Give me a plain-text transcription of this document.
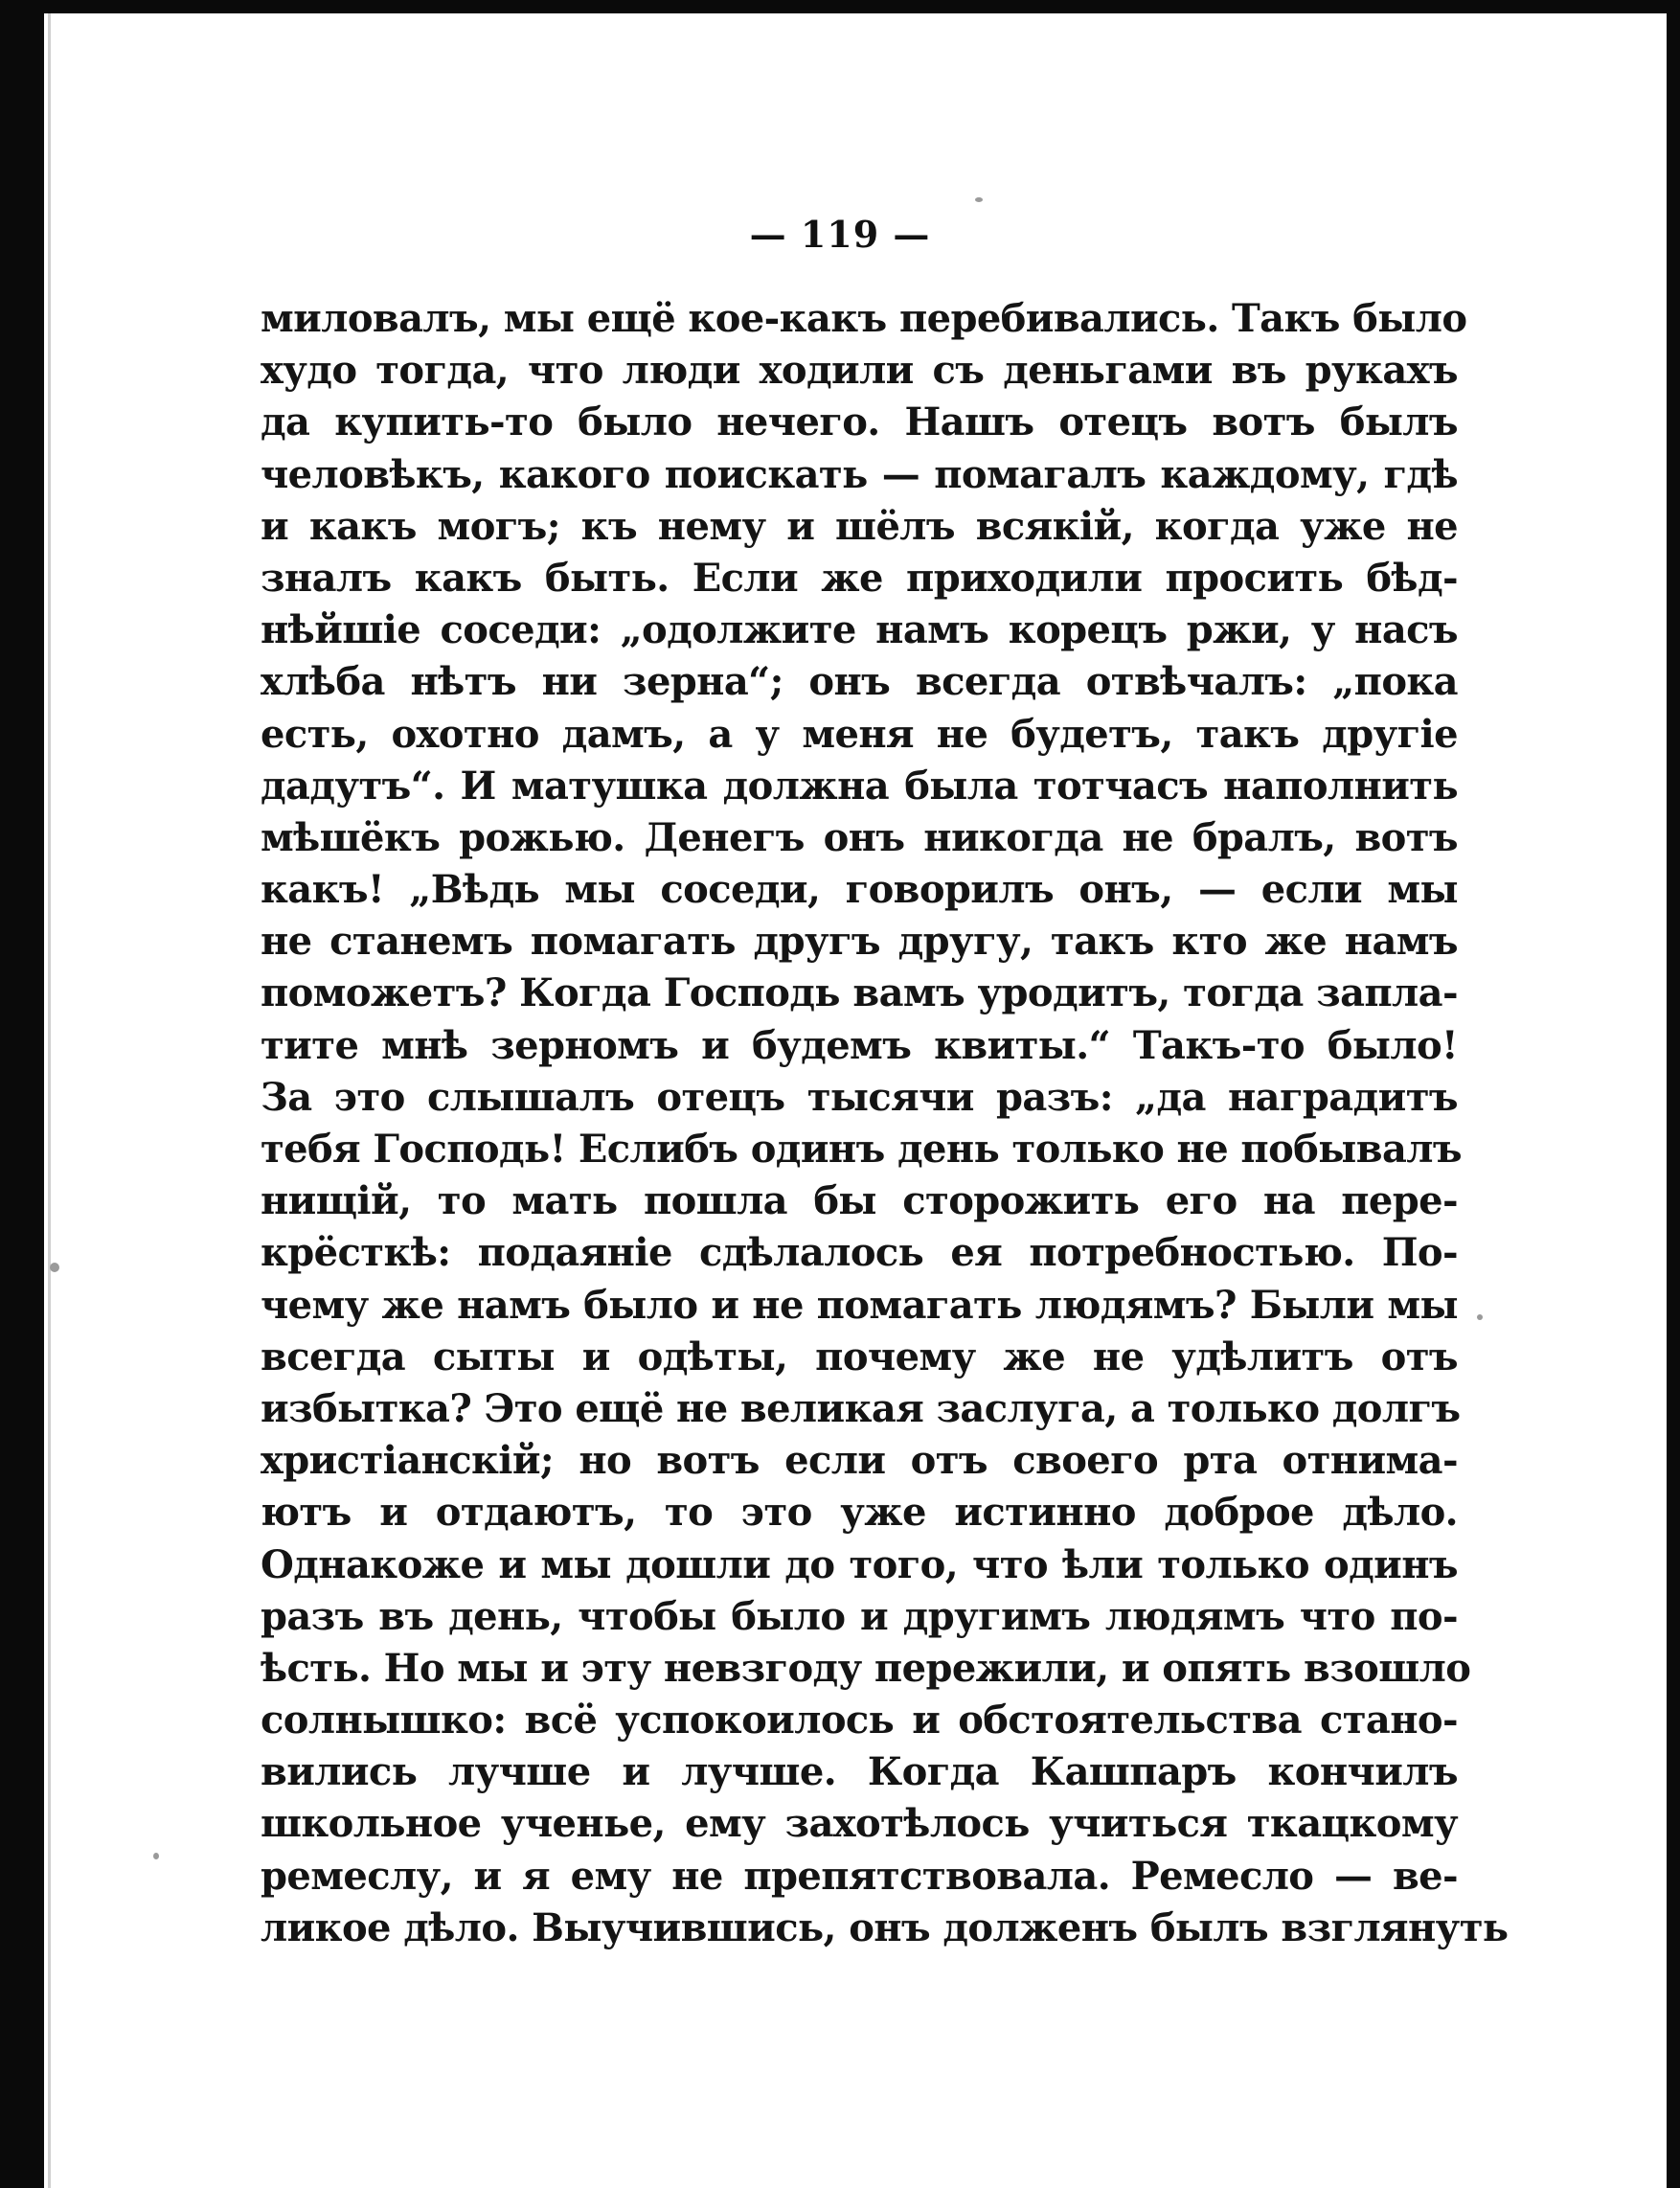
— 119 —
миловалъ, мы ещё кое-какъ перебивались. Такъ было
худо тогда, что люди ходили съ деньгами въ рукахъ
да купить-то было нечего. Нашъ отецъ вотъ былъ
человѣкъ, какого поискать — помагалъ каждому, гдѣ
и какъ могъ; къ нему и шёлъ всякій, когда уже не
зналъ какъ быть. Если же приходили просить бѣд-
нѣйшіе соседи: „одолжите намъ корецъ ржи, у насъ
хлѣба нѣтъ ни зерна“; онъ всегда отвѣчалъ: „пока
есть, охотно дамъ, а у меня не будетъ, такъ другіе
дадутъ“. И матушка должна была тотчасъ наполнить
мѣшёкъ рожью. Денегъ онъ никогда не бралъ, вотъ
какъ! „Вѣдь мы соседи, говорилъ онъ, — если мы
не станемъ помагать другъ другу, такъ кто же намъ
поможетъ? Когда Господь вамъ уродитъ, тогда запла-
тите мнѣ зерномъ и будемъ квиты.“ Такъ-то было!
За это слышалъ отецъ тысячи разъ: „да наградитъ
тебя Господь! Еслибъ одинъ день только не побывалъ
нищій, то мать пошла бы сторожить его на пере-
крёсткѣ: подаяніе сдѣлалось ея потребностью. По-
чему же намъ было и не помагать людямъ? Были мы
всегда сыты и одѣты, почему же не удѣлитъ отъ
избытка? Это ещё не великая заслуга, а только долгъ
христіанскій; но вотъ если отъ своего рта отнима-
ютъ и отдаютъ, то это уже истинно доброе дѣло.
Однакоже и мы дошли до того, что ѣли только одинъ
разъ въ день, чтобы было и другимъ людямъ что по-
ѣсть. Но мы и эту невзгоду пережили, и опять взошло
солнышко: всё успокоилось и обстоятельства стано-
вились лучше и лучше. Когда Кашпаръ кончилъ
школьное ученье, ему захотѣлось учиться ткацкому
ремеслу, и я ему не препятствовала. Ремесло — ве-
ликое дѣло. Выучившись, онъ долженъ былъ взглянуть
